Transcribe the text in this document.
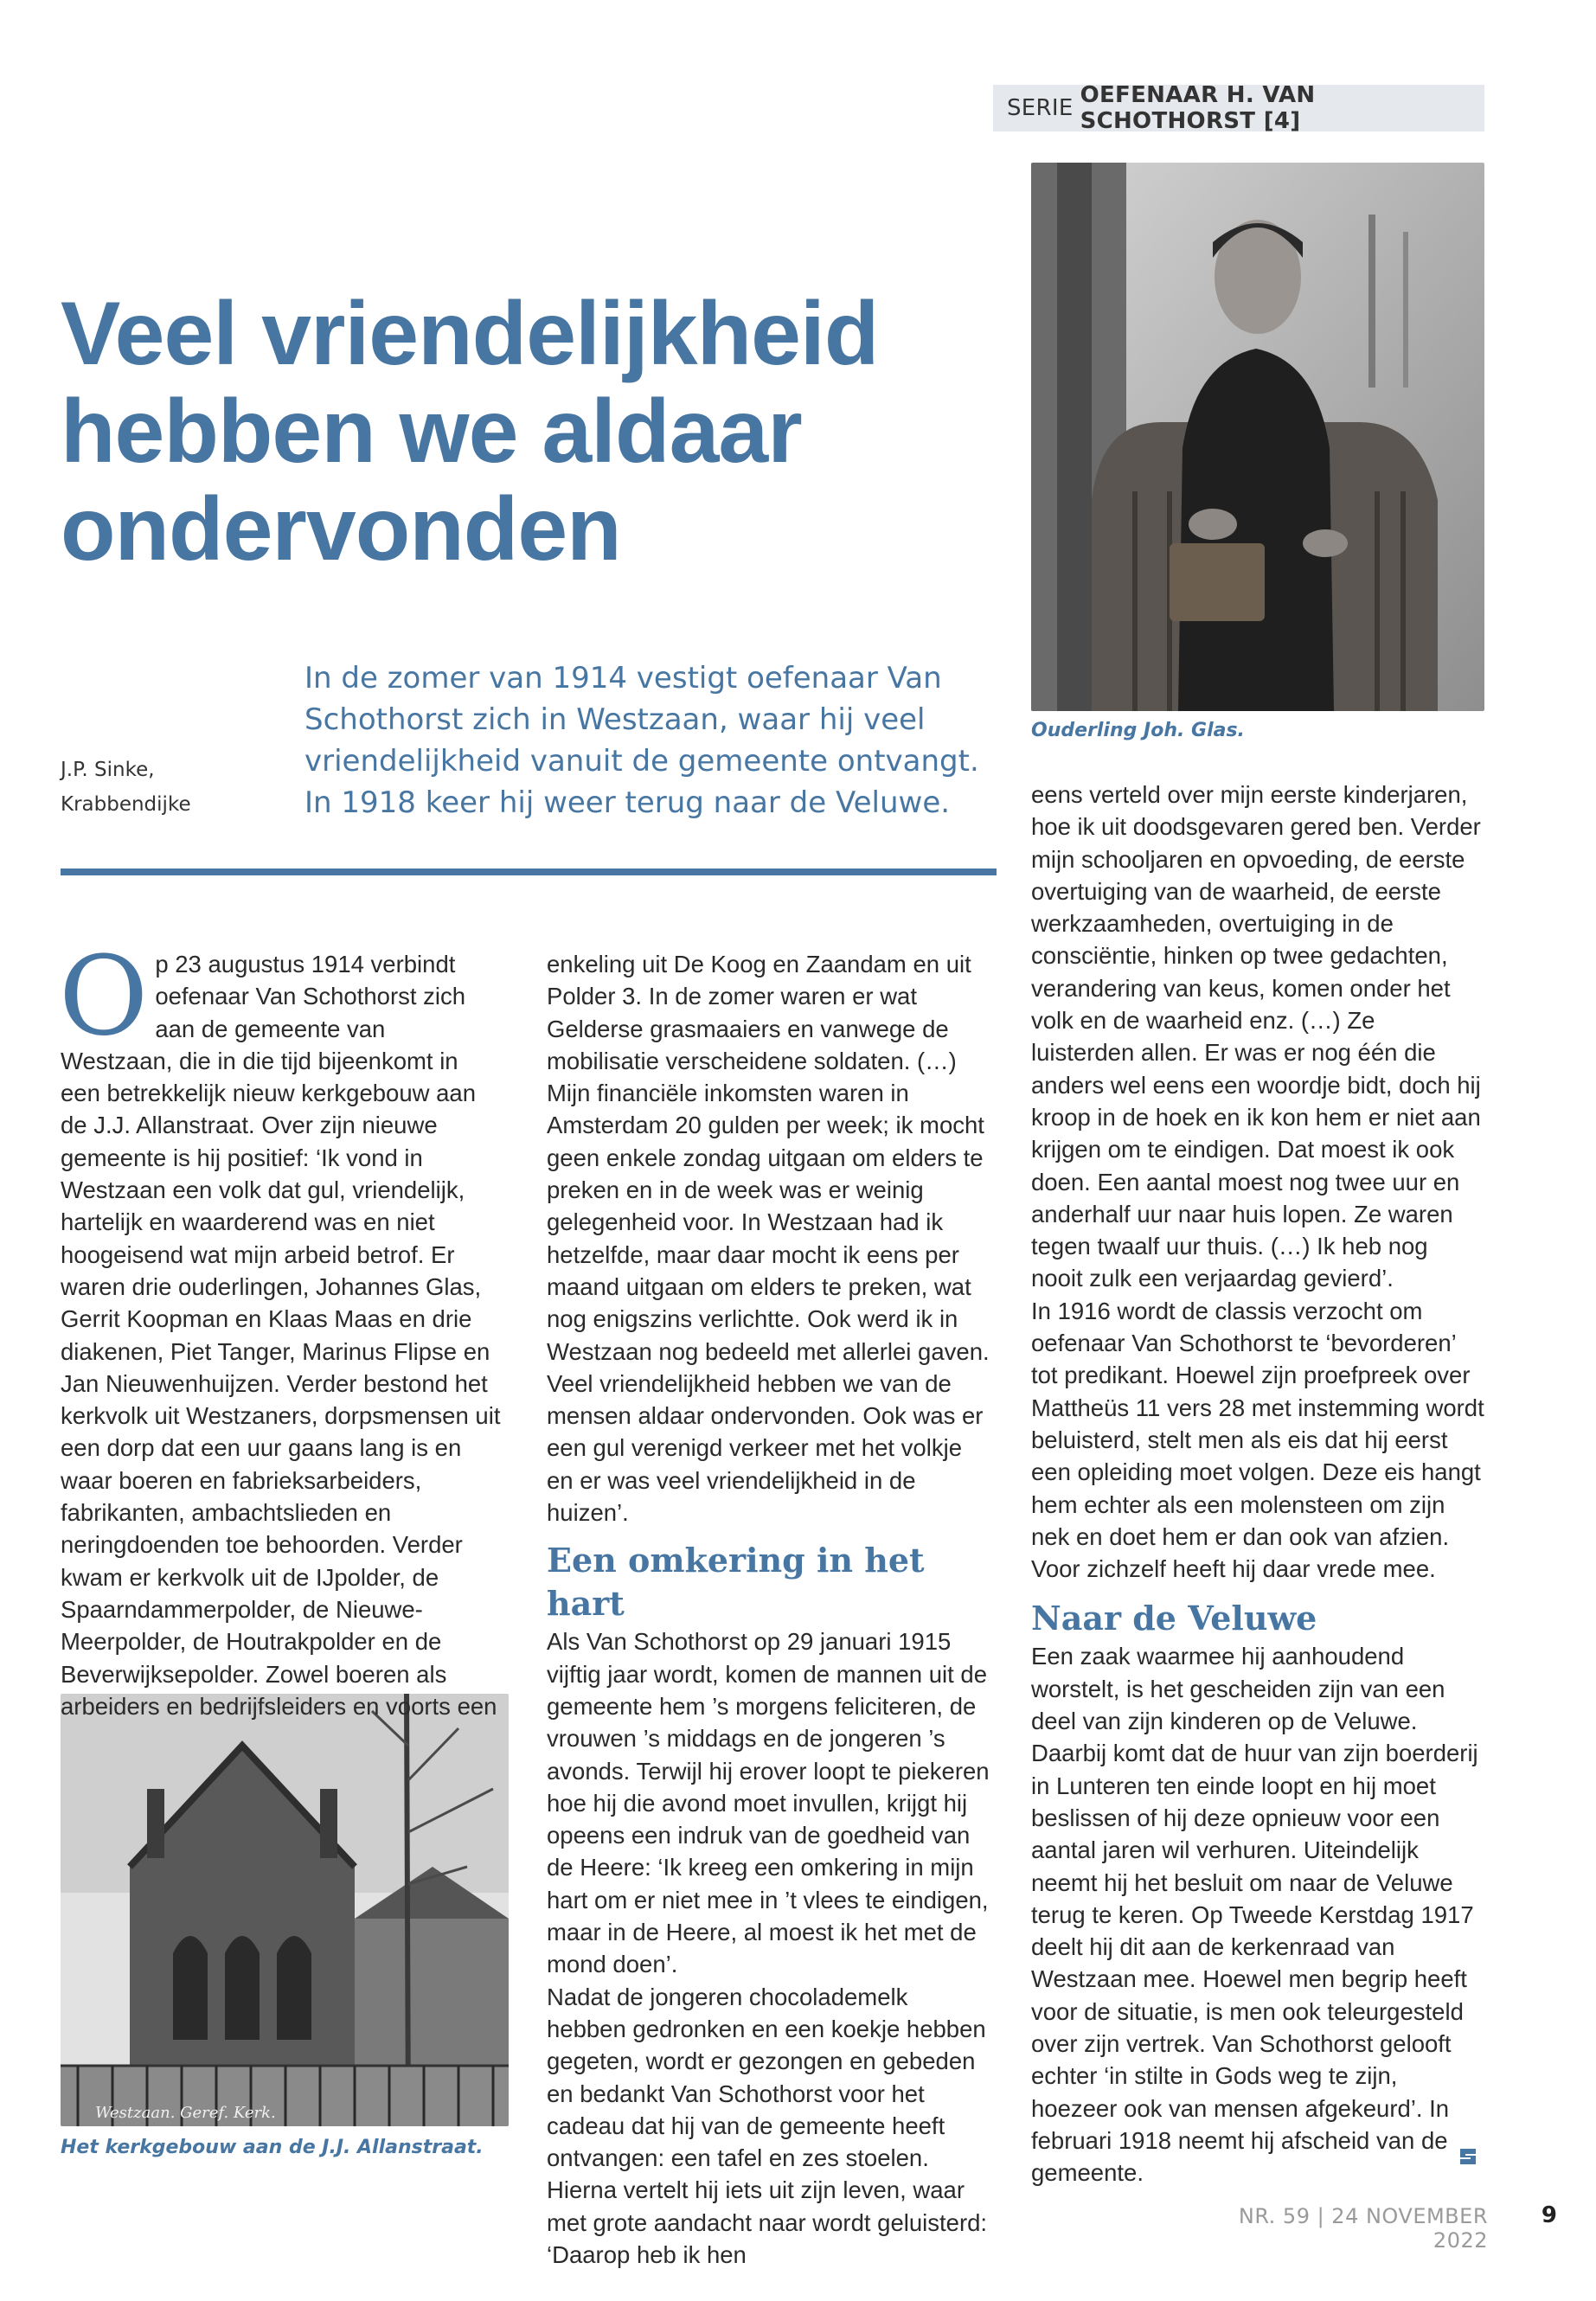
SERIE OEFENAAR H. VAN SCHOTHORST [4]
Veel vriendelijkheid hebben we aldaar ondervonden
J.P. Sinke,
Krabbendijke
In de zomer van 1914 vestigt oefenaar Van Schothorst zich in Westzaan, waar hij veel vriendelijkheid vanuit de gemeente ontvangt. In 1918 keer hij weer terug naar de Veluwe.
Ouderling Joh. Glas.
Westzaan. Geref. Kerk.
Het kerkgebouw aan de J.J. Allanstraat.
O p 23 augustus 1914 verbindt oefenaar Van Schothorst zich aan de gemeente van Westzaan, die in die tijd bijeenkomt in een betrekkelijk nieuw kerkgebouw aan de J.J. Allanstraat. Over zijn nieuwe gemeente is hij positief: ‘Ik vond in Westzaan een volk dat gul, vriendelijk, hartelijk en waarderend was en niet hoogeisend wat mijn arbeid betrof. Er waren drie ouderlingen, Johannes Glas, Gerrit Koopman en Klaas Maas en drie diakenen, Piet Tanger, Marinus Flipse en Jan Nieuwenhuijzen. Verder bestond het kerkvolk uit Westzaners, dorpsmensen uit een dorp dat een uur gaans lang is en waar boeren en fabrieksarbeiders, fabrikanten, ambachtslieden en neringdoenden toe behoorden. Verder kwam er kerkvolk uit de IJpolder, de Spaarndammerpolder, de Nieuwe-Meerpolder, de Houtrakpolder en de Beverwijksepolder. Zowel boeren als arbeiders en bedrijfsleiders en voorts een

enkeling uit De Koog en Zaandam en uit Polder 3. In de zomer waren er wat Gelderse grasmaaiers en vanwege de mobilisatie verscheidene soldaten. (…)

Mijn financiële inkomsten waren in Amsterdam 20 gulden per week; ik mocht geen enkele zondag uitgaan om elders te preken en in de week was er weinig gelegenheid voor. In Westzaan had ik hetzelfde, maar daar mocht ik eens per maand uitgaan om elders te preken, wat nog enigszins verlichtte. Ook werd ik in Westzaan nog bedeeld met allerlei gaven. Veel vriendelijkheid hebben we van de mensen aldaar ondervonden. Ook was er een gul verenigd verkeer met het volkje en er was veel vriendelijkheid in de huizen’.

Een omkering in het hart

Als Van Schothorst op 29 januari 1915 vijftig jaar wordt, komen de mannen uit de gemeente hem ’s morgens feliciteren, de vrouwen ’s middags en de jongeren ’s avonds. Terwijl hij erover loopt te piekeren hoe hij die avond moet invullen, krijgt hij opeens een indruk van de goedheid van de Heere: ‘Ik kreeg een omkering in mijn hart om er niet mee in ’t vlees te eindigen, maar in de Heere, al moest ik het met de mond doen’.

Nadat de jongeren chocolademelk hebben gedronken en een koekje hebben gegeten, wordt er gezongen en gebeden en bedankt Van Schothorst voor het cadeau dat hij van de gemeente heeft ontvangen: een tafel en zes stoelen. Hierna vertelt hij iets uit zijn leven, waar met grote aandacht naar wordt geluisterd: ‘Daarop heb ik hen

eens verteld over mijn eerste kinderjaren, hoe ik uit doodsgevaren gered ben. Verder mijn schooljaren en opvoeding, de eerste overtuiging van de waarheid, de eerste werkzaamheden, overtuiging in de consciëntie, hinken op twee gedachten, verandering van keus, komen onder het volk en de waarheid enz. (…) Ze luisterden allen. Er was er nog één die anders wel eens een woordje bidt, doch hij kroop in de hoek en ik kon hem er niet aan krijgen om te eindigen. Dat moest ik ook doen. Een aantal moest nog twee uur en anderhalf uur naar huis lopen. Ze waren tegen twaalf uur thuis. (…) Ik heb nog nooit zulk een verjaardag gevierd’.

In 1916 wordt de classis verzocht om oefenaar Van Schothorst te ‘bevorderen’ tot predikant. Hoewel zijn proefpreek over Mattheüs 11 vers 28 met instemming wordt beluisterd, stelt men als eis dat hij eerst een opleiding moet volgen. Deze eis hangt hem echter als een molensteen om zijn nek en doet hem er dan ook van afzien. Voor zichzelf heeft hij daar vrede mee.

Naar de Veluwe

Een zaak waarmee hij aanhoudend worstelt, is het gescheiden zijn van een deel van zijn kinderen op de Veluwe. Daarbij komt dat de huur van zijn boerderij in Lunteren ten einde loopt en hij moet beslissen of hij deze opnieuw voor een aantal jaren wil verhuren. Uiteindelijk neemt hij het besluit om naar de Veluwe terug te keren. Op Tweede Kerstdag 1917 deelt hij dit aan de kerkenraad van Westzaan mee. Hoewel men begrip heeft voor de situatie, is men ook teleurgesteld over zijn vertrek. Van Schothorst gelooft echter ‘in stilte in Gods weg te zijn, hoezeer ook van mensen afgekeurd’. In februari 1918 neemt hij afscheid van de gemeente.

NR. 59 | 24 NOVEMBER 2022
9
